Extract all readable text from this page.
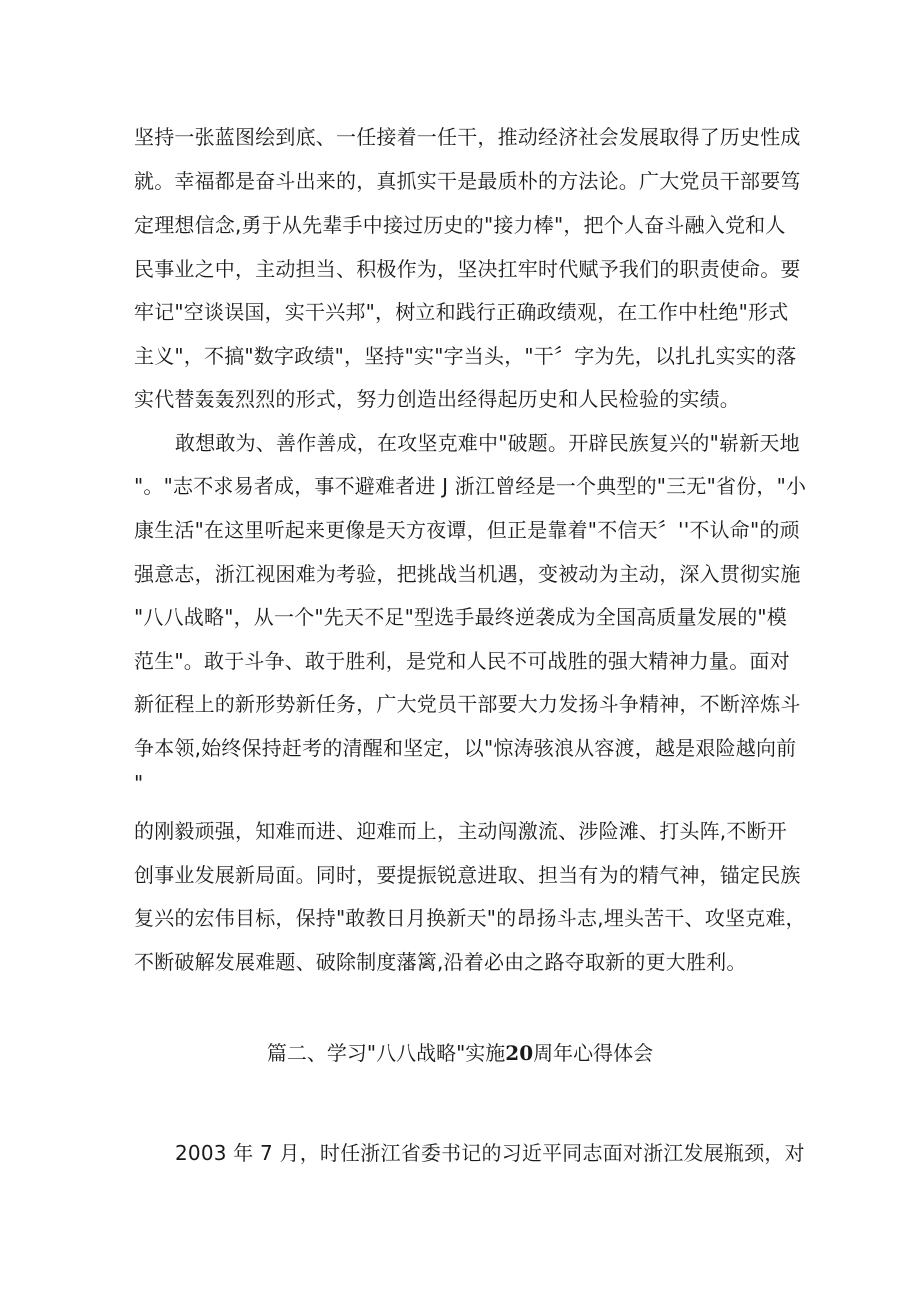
坚持一张蓝图绘到底、一任接着一任干，推动经济社会发展取得了历史性成
就。幸福都是奋斗出来的，真抓实干是最质朴的方法论。广大党员干部要笃
定理想信念,勇于从先辈手中接过历史的"接力棒"，把个人奋斗融入党和人
民事业之中，主动担当、积极作为，坚决扛牢时代赋予我们的职责使命。要
牢记"空谈误国，实干兴邦"，树立和践行正确政绩观，在工作中杜绝"形式
主义"，不搞"数字政绩"，坚持"实"字当头，"干〞字为先，以扎扎实实的落
实代替轰轰烈烈的形式，努力创造出经得起历史和人民检验的实绩。
敢想敢为、善作善成，在攻坚克难中"破题。开辟民族复兴的"崭新天地
"。"志不求易者成，事不避难者进 J 浙江曾经是一个典型的"三无"省份，"小
康生活"在这里听起来更像是天方夜谭，但正是靠着"不信天〞''不认命"的顽
强意志，浙江视困难为考验，把挑战当机遇，变被动为主动，深入贯彻实施
"八八战略"，从一个"先天不足"型选手最终逆袭成为全国高质量发展的"模
范生"。敢于斗争、敢于胜利，是党和人民不可战胜的强大精神力量。面对
新征程上的新形势新任务，广大党员干部要大力发扬斗争精神，不断淬炼斗
争本领,始终保持赶考的清醒和坚定，以"惊涛骇浪从容渡，越是艰险越向前
"
的刚毅顽强，知难而进、迎难而上，主动闯激流、涉险滩、打头阵,不断开
创事业发展新局面。同时，要提振锐意进取、担当有为的精气神，锚定民族
复兴的宏伟目标，保持"敢教日月换新天"的昂扬斗志,埋头苦干、攻坚克难，
不断破解发展难题、破除制度藩篱,沿着必由之路夺取新的更大胜利。
篇二、学习"八八战略"实施20周年心得体会
2003 年 7 月，时任浙江省委书记的习近平同志面对浙江发展瓶颈，对
